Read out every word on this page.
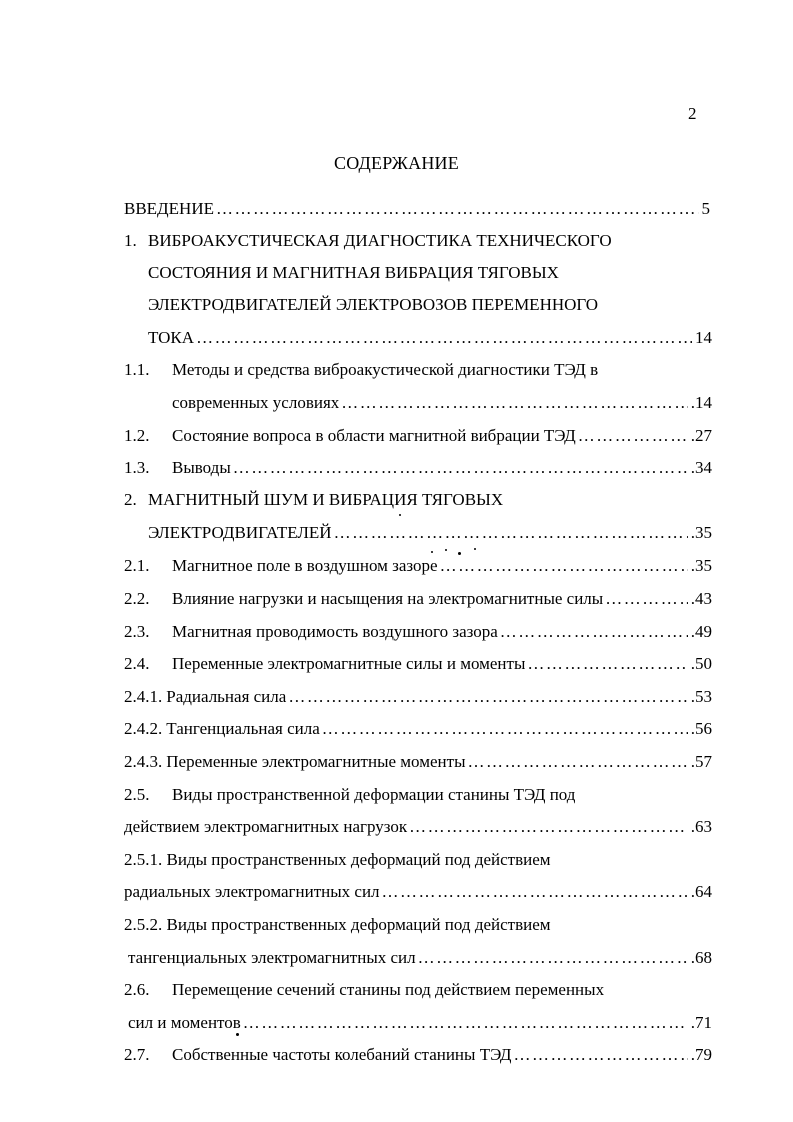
2
СОДЕРЖАНИЕ
ВВЕДЕНИЕ ……………………………………………………………………………………………………………………………………………………………	5
1. ВИБРОАКУСТИЧЕСКАЯ ДИАГНОСТИКА ТЕХНИЧЕСКОГО
СОСТОЯНИЯ И МАГНИТНАЯ ВИБРАЦИЯ ТЯГОВЫХ
ЭЛЕКТРОДВИГАТЕЛЕЙ ЭЛЕКТРОВОЗОВ ПЕРЕМЕННОГО
ТОКА ……………………………………………………………………………………………………………………………………………………………	14
1.1. Методы и средства виброакустической диагностики ТЭД в
современных условиях ……………………………………………………………………………………………………………………………………………………………	.14
1.2. Состояние вопроса в области магнитной вибрации ТЭД ……………………………………………………………………………………………………………………………………………………………	.27
1.3. Выводы ……………………………………………………………………………………………………………………………………………………………	.34
2. МАГНИТНЫЙ ШУМ И ВИБРАЦИЯ ТЯГОВЫХ
ЭЛЕКТРОДВИГАТЕЛЕЙ ……………………………………………………………………………………………………………………………………………………………	.35
2.1. Магнитное поле в воздушном зазоре ……………………………………………………………………………………………………………………………………………………………	.35
2.2. Влияние нагрузки и насыщения на электромагнитные силы ……………………………………………………………………………………………………………………………………………………………	.43
2.3. Магнитная проводимость воздушного зазора ……………………………………………………………………………………………………………………………………………………………	.49
2.4. Переменные электромагнитные силы и моменты ……………………………………………………………………………………………………………………………………………………………	.50
2.4.1. Радиальная сила ……………………………………………………………………………………………………………………………………………………………	.53
2.4.2. Тангенциальная сила ……………………………………………………………………………………………………………………………………………………………	.56
2.4.3. Переменные электромагнитные моменты ……………………………………………………………………………………………………………………………………………………………	.57
2.5. Виды пространственной деформации станины ТЭД под
действием электромагнитных нагрузок ……………………………………………………………………………………………………………………………………………………………	.63
2.5.1. Виды пространственных деформаций под действием
радиальных электромагнитных сил ……………………………………………………………………………………………………………………………………………………………	.64
2.5.2. Виды пространственных деформаций под действием
тангенциальных электромагнитных сил ……………………………………………………………………………………………………………………………………………………………	.68
2.6. Перемещение сечений станины под действием переменных
сил и моментов ……………………………………………………………………………………………………………………………………………………………	.71
2.7. Собственные частоты колебаний станины ТЭД ……………………………………………………………………………………………………………………………………………………………	.79
